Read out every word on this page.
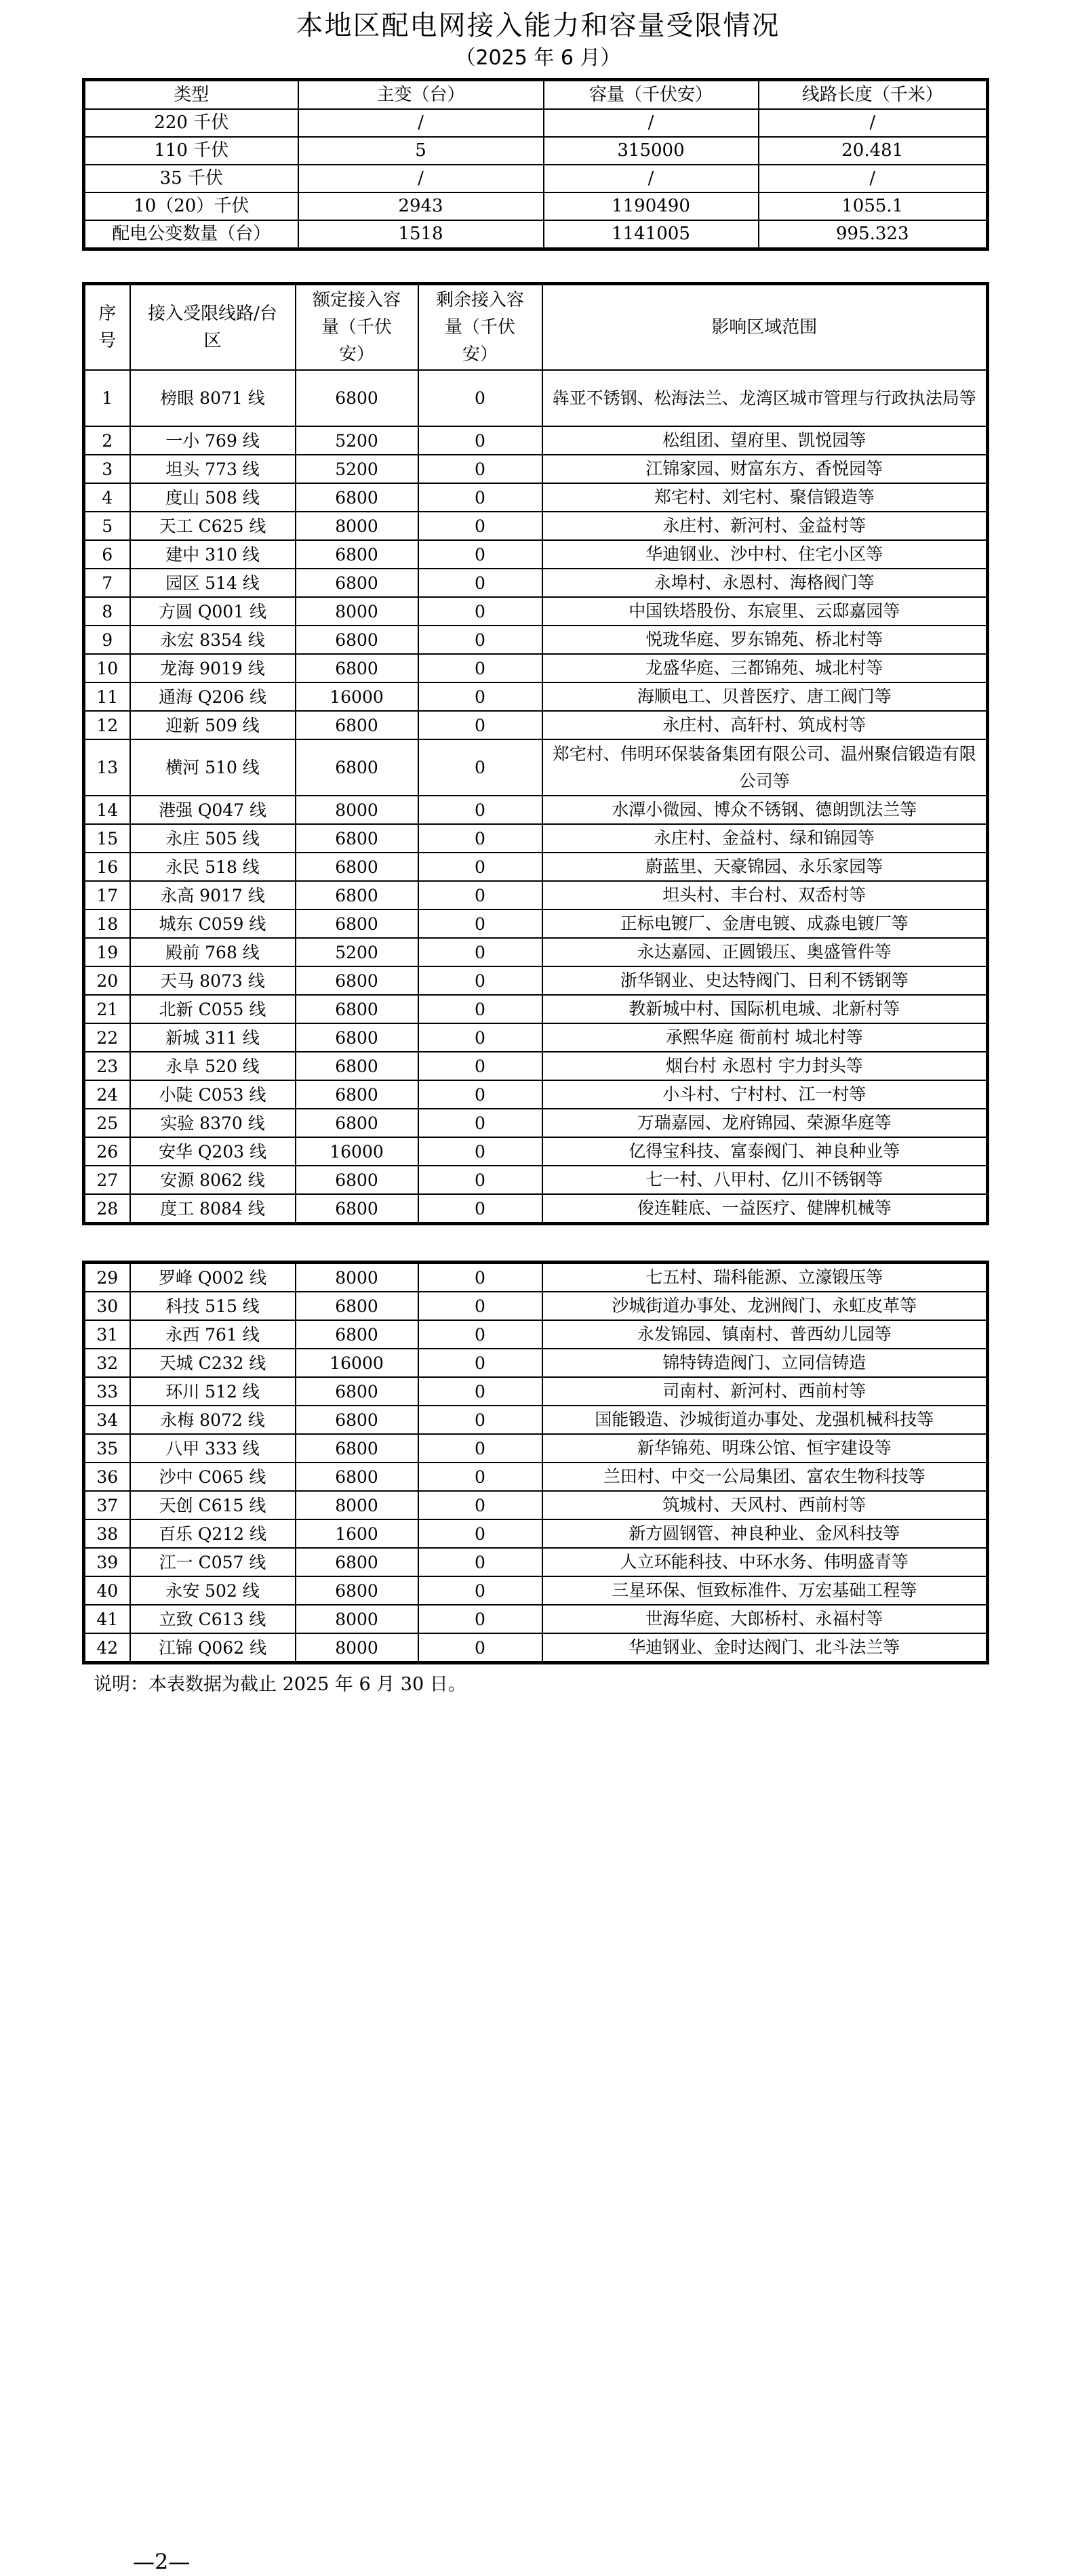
本地区配电网接入能力和容量受限情况
（2025 年 6 月）
类型	主变（台）	容量（千伏安）	线路长度（千米）
220 千伏	/	/	/
110 千伏	5	315000	20.481
35 千伏	/	/	/
10（20）千伏	2943	1190490	1055.1
配电公变数量（台）	1518	1141005	995.323
序号	接入受限线路/台区	额定接入容量（千伏安）	剩余接入容量（千伏安）	影响区域范围
1	榜眼 8071 线	6800	0	犇亚不锈钢、松海法兰、龙湾区城市管理与行政执法局等
2	一小 769 线	5200	0	松组团、望府里、凯悦园等
3	坦头 773 线	5200	0	江锦家园、财富东方、香悦园等
4	度山 508 线	6800	0	郑宅村、刘宅村、聚信锻造等
5	天工 C625 线	8000	0	永庄村、新河村、金益村等
6	建中 310 线	6800	0	华迪钢业、沙中村、住宅小区等
7	园区 514 线	6800	0	永埠村、永恩村、海格阀门等
8	方圆 Q001 线	8000	0	中国铁塔股份、东宸里、云邸嘉园等
9	永宏 8354 线	6800	0	悦珑华庭、罗东锦苑、桥北村等
10	龙海 9019 线	6800	0	龙盛华庭、三都锦苑、城北村等
11	通海 Q206 线	16000	0	海顺电工、贝普医疗、唐工阀门等
12	迎新 509 线	6800	0	永庄村、高轩村、筑成村等
13	横河 510 线	6800	0	郑宅村、伟明环保装备集团有限公司、温州聚信锻造有限公司等
14	港强 Q047 线	8000	0	水潭小微园、博众不锈钢、德朗凯法兰等
15	永庄 505 线	6800	0	永庄村、金益村、绿和锦园等
16	永民 518 线	6800	0	蔚蓝里、天豪锦园、永乐家园等
17	永高 9017 线	6800	0	坦头村、丰台村、双岙村等
18	城东 C059 线	6800	0	正标电镀厂、金唐电镀、成淼电镀厂等
19	殿前 768 线	5200	0	永达嘉园、正圆锻压、奥盛管件等
20	天马 8073 线	6800	0	浙华钢业、史达特阀门、日利不锈钢等
21	北新 C055 线	6800	0	教新城中村、国际机电城、北新村等
22	新城 311 线	6800	0	承熙华庭 衙前村 城北村等
23	永阜 520 线	6800	0	烟台村 永恩村 宇力封头等
24	小陡 C053 线	6800	0	小斗村、宁村村、江一村等
25	实验 8370 线	6800	0	万瑞嘉园、龙府锦园、荣源华庭等
26	安华 Q203 线	16000	0	亿得宝科技、富泰阀门、神良种业等
27	安源 8062 线	6800	0	七一村、八甲村、亿川不锈钢等
28	度工 8084 线	6800	0	俊连鞋底、一益医疗、健牌机械等
29	罗峰 Q002 线	8000	0	七五村、瑞科能源、立濠锻压等
30	科技 515 线	6800	0	沙城街道办事处、龙洲阀门、永虹皮革等
31	永西 761 线	6800	0	永发锦园、镇南村、普西幼儿园等
32	天城 C232 线	16000	0	锦特铸造阀门、立同信铸造
33	环川 512 线	6800	0	司南村、新河村、西前村等
34	永梅 8072 线	6800	0	国能锻造、沙城街道办事处、龙强机械科技等
35	八甲 333 线	6800	0	新华锦苑、明珠公馆、恒宇建设等
36	沙中 C065 线	6800	0	兰田村、中交一公局集团、富农生物科技等
37	天创 C615 线	8000	0	筑城村、天风村、西前村等
38	百乐 Q212 线	1600	0	新方圆钢管、神良种业、金风科技等
39	江一 C057 线	6800	0	人立环能科技、中环水务、伟明盛青等
40	永安 502 线	6800	0	三星环保、恒致标准件、万宏基础工程等
41	立致 C613 线	8000	0	世海华庭、大郎桥村、永福村等
42	江锦 Q062 线	8000	0	华迪钢业、金时达阀门、北斗法兰等
说明：本表数据为截止 2025 年 6 月 30 日。
—2—
